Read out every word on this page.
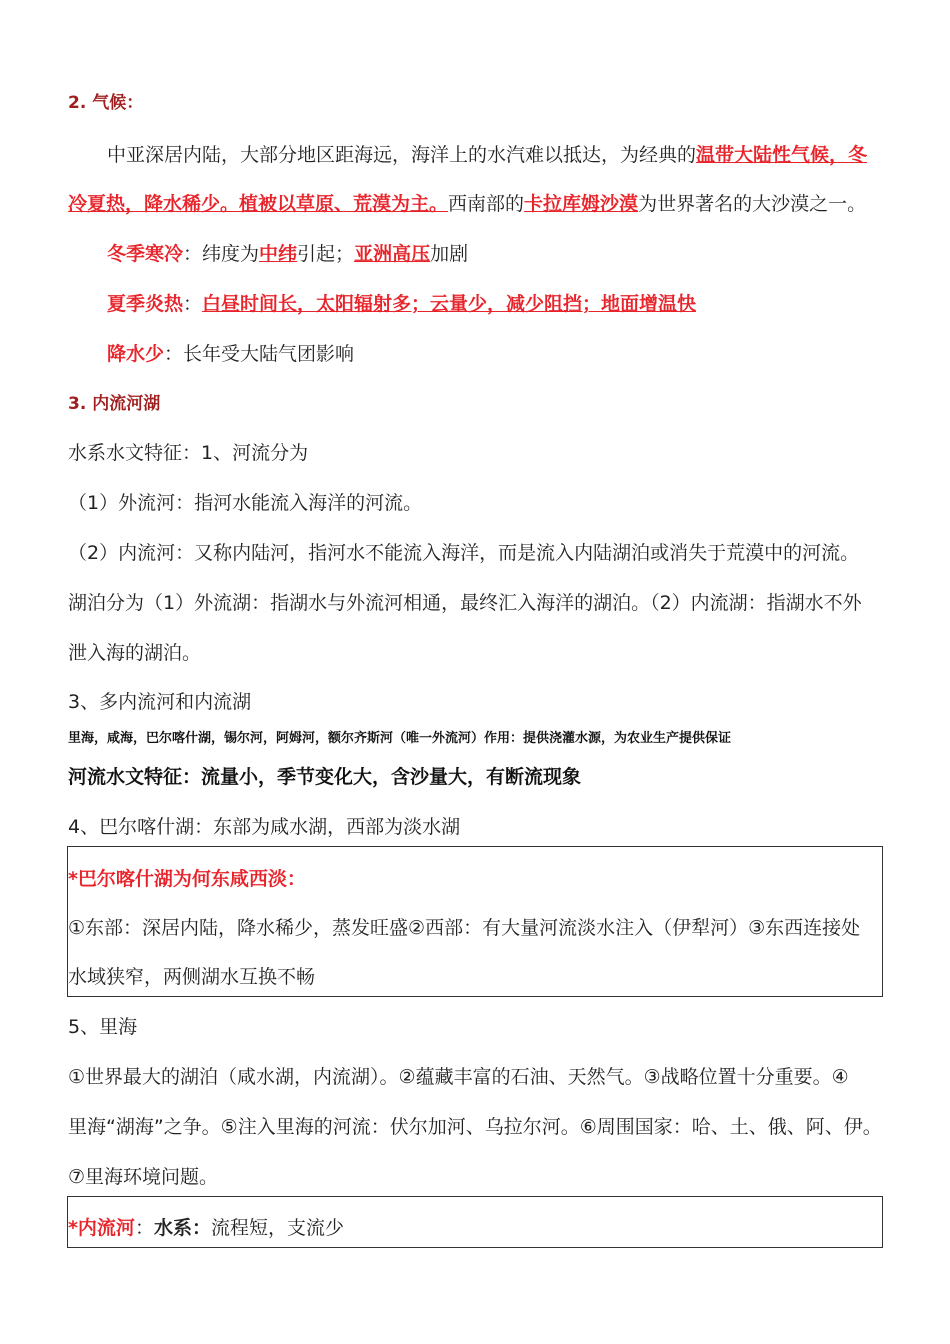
2. 气候：
中亚深居内陆，大部分地区距海远，海洋上的水汽难以抵达，为经典的温带大陆性气候，冬
冷夏热，降水稀少。植被以草原、荒漠为主。西南部的卡拉库姆沙漠为世界著名的大沙漠之一。
冬季寒冷：纬度为中纬引起；亚洲高压加剧
夏季炎热：白昼时间长，太阳辐射多；云量少，减少阻挡；地面增温快
降水少：长年受大陆气团影响
3. 内流河湖
水系水文特征：1、河流分为
（1）外流河：指河水能流入海洋的河流。
（2）内流河：又称内陆河，指河水不能流入海洋，而是流入内陆湖泊或消失于荒漠中的河流。
湖泊分为（1）外流湖：指湖水与外流河相通，最终汇入海洋的湖泊。（2）内流湖：指湖水不外
泄入海的湖泊。
3、多内流河和内流湖
里海，咸海，巴尔喀什湖，锡尔河，阿姆河，额尔齐斯河（唯一外流河）作用：提供浇灌水源，为农业生产提供保证
河流水文特征：流量小，季节变化大，含沙量大，有断流现象
4、巴尔喀什湖：东部为咸水湖，西部为淡水湖
*巴尔喀什湖为何东咸西淡：
①东部：深居内陆，降水稀少，蒸发旺盛②西部：有大量河流淡水注入（伊犁河）③东西连接处
水域狭窄，两侧湖水互换不畅
5、里海
①世界最大的湖泊（咸水湖，内流湖）。②蕴藏丰富的石油、天然气。③战略位置十分重要。④
里海“湖海”之争。⑤注入里海的河流：伏尔加河、乌拉尔河。⑥周围国家：哈、土、俄、阿、伊。
⑦里海环境问题。
*内流河：水系：流程短，支流少
